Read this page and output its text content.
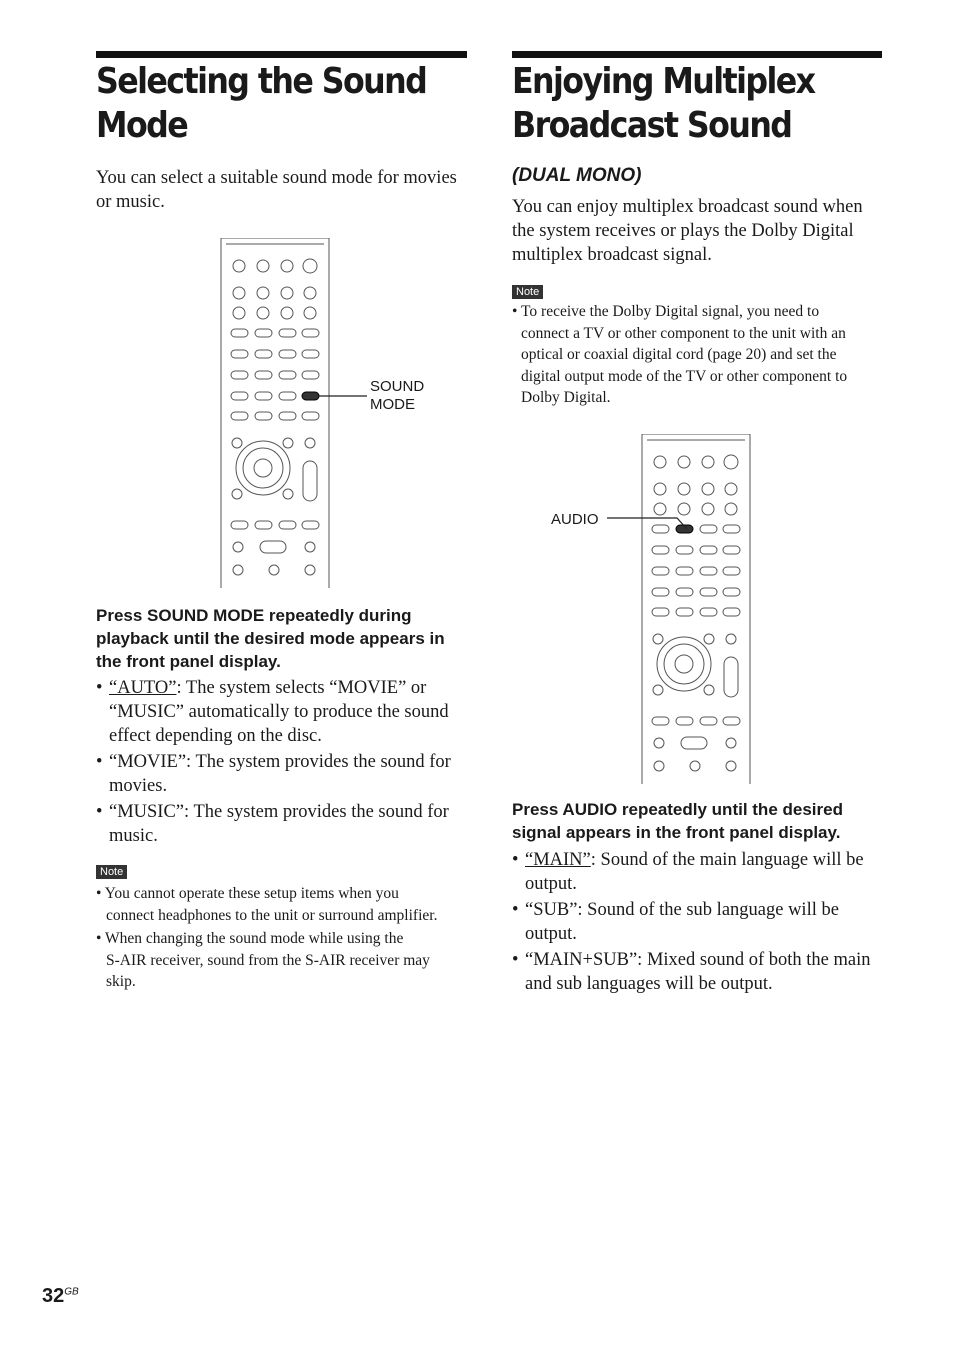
Selecting the Sound
Mode
You can select a suitable sound mode for movies
or music.
SOUND
MODE
Press SOUND MODE repeatedly during
playback until the desired mode appears in
the front panel display.
• “AUTO”: The system selects “MOVIE” or
“MUSIC” automatically to produce the sound
effect depending on the disc.
• “MOVIE”: The system provides the sound for
movies.
• “MUSIC”: The system provides the sound for
music.
Note
• You cannot operate these setup items when you
connect headphones to the unit or surround amplifier.
• When changing the sound mode while using the
S-AIR receiver, sound from the S-AIR receiver may
skip.
Enjoying Multiplex
Broadcast Sound
(DUAL MONO)
You can enjoy multiplex broadcast sound when
the system receives or plays the Dolby Digital
multiplex broadcast signal.
Note
• To receive the Dolby Digital signal, you need to
connect a TV or other component to the unit with an
optical or coaxial digital cord (page 20) and set the
digital output mode of the TV or other component to
Dolby Digital.
AUDIO
Press AUDIO repeatedly until the desired
signal appears in the front panel display.
• “MAIN”: Sound of the main language will be
output.
• “SUB”: Sound of the sub language will be
output.
• “MAIN+SUB”: Mixed sound of both the main
and sub languages will be output.
$32^{GB}$
